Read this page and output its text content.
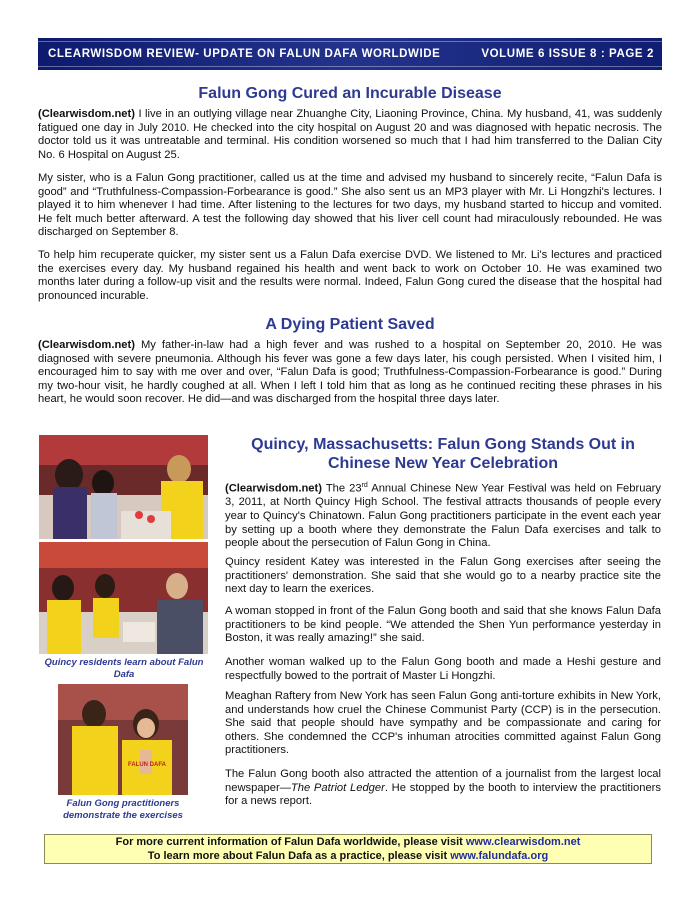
CLEARWISDOM REVIEW- UPDATE ON FALUN DAFA WORLDWIDE	VOLUME 6 ISSUE 8 : PAGE 2
Falun Gong Cured an Incurable Disease

(Clearwisdom.net) I live in an outlying village near Zhuanghe City, Liaoning Province, China. My husband, 41, was suddenly fatigued one day in July 2010. He checked into the city hospital on August 20 and was diagnosed with hepatic necrosis. The doctor told us it was untreatable and terminal. His condition worsened so much that I had him transferred to the Dalian City No. 6 Hospital on August 25.

My sister, who is a Falun Gong practitioner, called us at the time and advised my husband to sincerely recite, “Falun Dafa is good” and “Truthfulness-Compassion-Forbearance is good.” She also sent us an MP3 player with Mr. Li Hongzhi's lectures. I played it to him whenever I had time. After listening to the lectures for two days, my husband started to hiccup and vomited. He felt much better afterward. A test the following day showed that his liver cell count had miraculously rebounded. He was discharged on September 8.

To help him recuperate quicker, my sister sent us a Falun Dafa exercise DVD. We listened to Mr. Li's lectures and practiced the exercises every day. My husband regained his health and went back to work on October 10. He was examined two months later during a follow-up visit and the results were normal. Indeed, Falun Gong cured the disease that the hospital had pronounced incurable.

A Dying Patient Saved

(Clearwisdom.net) My father-in-law had a high fever and was rushed to a hospital on September 20, 2010. He was diagnosed with severe pneumonia. Although his fever was gone a few days later, his cough persisted. When I visited him, I encouraged him to say with me over and over, “Falun Dafa is good; Truthfulness-Compassion-Forbearance is good.” During my two-hour visit, he hardly coughed at all. When I left I told him that as long as he continued reciting these phrases in his heart, he would soon recover. He did—and was discharged from the hospital three days later.

Quincy residents learn about Falun Dafa
FALUN DAFA
Falun Gong practitioners demonstrate the exercises
Quincy, Massachusetts: Falun Gong Stands Out in
Chinese New Year Celebration

(Clearwisdom.net) The 23rd Annual Chinese New Year Festival was held on February 3, 2011, at North Quincy High School. The festival attracts thousands of people every year to Quincy's Chinatown. Falun Gong practitioners participate in the event each year by setting up a booth where they demonstrate the Falun Dafa exercises and talk to people about the persecution of Falun Gong in China.

Quincy resident Katey was interested in the Falun Gong exercises after seeing the practitioners' demonstration. She said that she would go to a nearby practice site the next day to learn the exerices.

A woman stopped in front of the Falun Gong booth and said that she knows Falun Dafa practitioners to be kind people. “We attended the Shen Yun performance yesterday in Boston, it was really amazing!” she said.

Another woman walked up to the Falun Gong booth and made a Heshi gesture and respectfully bowed to the portrait of Master Li Hongzhi.

Meaghan Raftery from New York has seen Falun Gong anti-torture exhibits in New York, and understands how cruel the Chinese Communist Party (CCP) is in the persecution. She said that people should have sympathy and be compassionate and caring for others. She condemned the CCP's inhuman atrocities committed against Falun Gong practitioners.

The Falun Gong booth also attracted the attention of a journalist from the largest local newspaper—The Patriot Ledger. He stopped by the booth to interview the practitioners for a news report.

For more current information of Falun Dafa worldwide, please visit www.clearwisdom.net
To learn more about Falun Dafa as a practice, please visit www.falundafa.org
